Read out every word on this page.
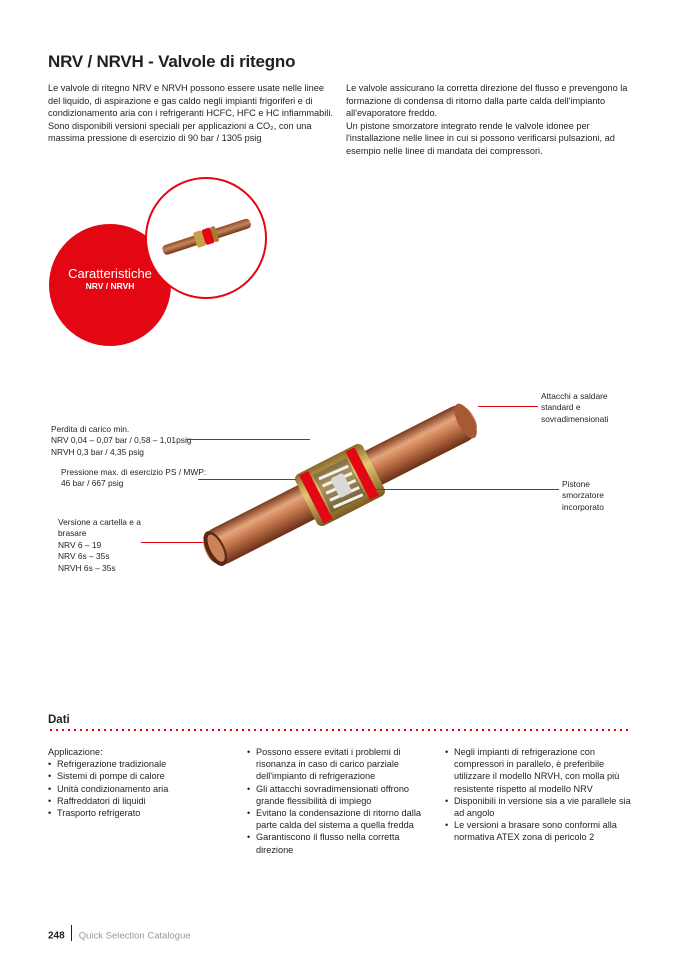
NRV / NRVH - Valvole di ritegno

Le valvole di ritegno NRV e NRVH possono essere usate nelle linee del liquido, di aspirazione e gas caldo negli impianti frigoriferi e di condizionamento aria con i refrigeranti HCFC, HFC e HC infiammabili.

Sono disponibili versioni speciali per applicazioni a CO₂, con una massima pressione di esercizio di 90 bar / 1305 psig

Le valvole assicurano la corretta direzione del flusso e prevengono la formazione di condensa di ritorno dalla parte calda dell'impianto all'evaporatore freddo.

Un pistone smorzatore integrato rende le valvole idonee per l'installazione nelle linee in cui si possono verificarsi pulsazioni, ad esempio nelle linee di mandata dei compressori.

Caratteristiche
NRV / NRVH

Attacchi a saldare

standard e

sovradimensionati

Perdita di carico min.

NRV 0,04 – 0,07 bar / 0,58 – 1,01psig

NRVH 0,3 bar / 4,35 psig

Pressione max. di esercizio PS / MWP:

46 bar / 667 psig	Pistone

smorzatore

incorporato

Versione a cartella e a

brasare

NRV 6 – 19

NRV 6s – 35s

NRVH 6s – 35s

Dati
Applicazione:
• Refrigerazione tradizionale
• Sistemi di pompe di calore
• Unità condizionamento aria
• Raffreddatori di liquidi
• Trasporto refrigerato
• Possono essere evitati i problemi di risonanza in caso di carico parziale dell'impianto di refrigerazione
• Gli attacchi sovradimensionati offrono grande flessibilità di impiego
• Evitano la condensazione di ritorno dalla parte calda del sistema a quella fredda
• Garantiscono il flusso nella corretta direzione
• Negli impianti di refrigerazione con compressori in parallelo, è preferibile utilizzare il modello NRVH, con molla più resistente rispetto al modello NRV
• Disponibili in versione sia a vie parallele sia ad angolo
• Le versioni a brasare sono conformi alla normativa ATEX zona di pericolo 2
248 Quick Selection Catalogue
